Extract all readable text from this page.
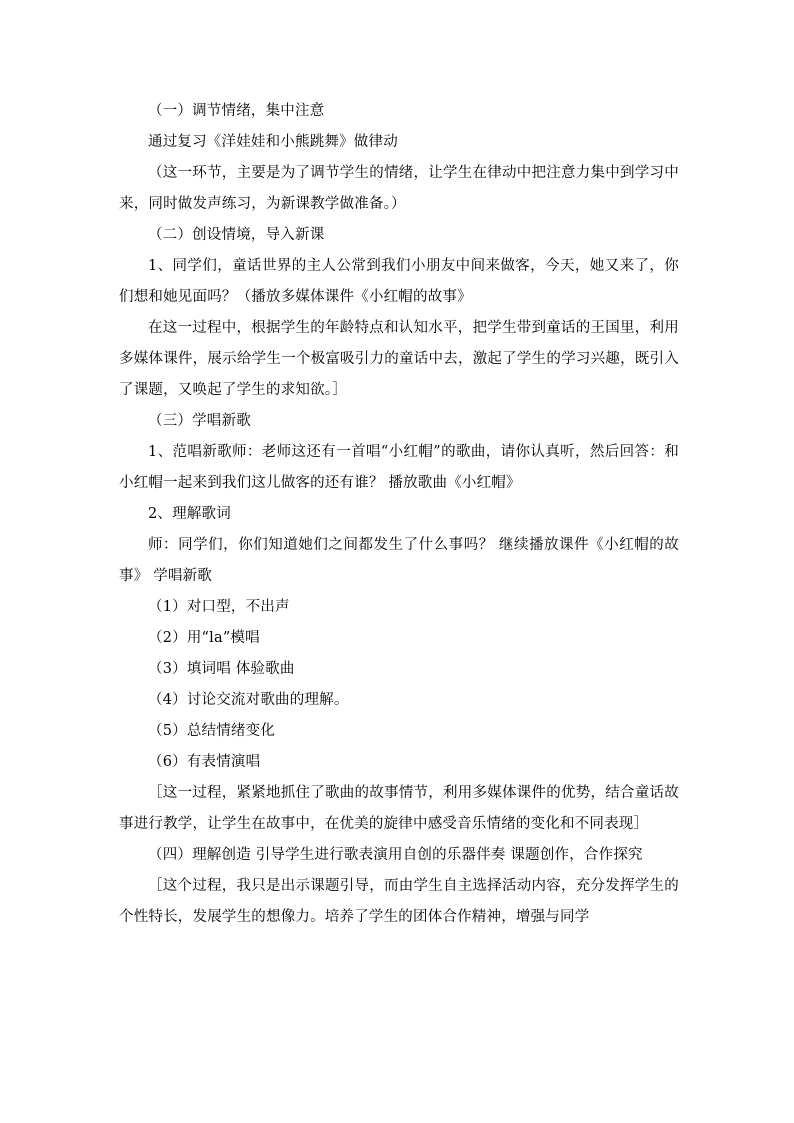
（一）调节情绪，集中注意

通过复习《洋娃娃和小熊跳舞》做律动

（这一环节，主要是为了调节学生的情绪，让学生在律动中把注意力集中到学习中来，同时做发声练习，为新课教学做准备。）

（二）创设情境，导入新课

1、同学们，童话世界的主人公常到我们小朋友中间来做客，今天，她又来了，你们想和她见面吗？（播放多媒体课件《小红帽的故事》

在这一过程中，根据学生的年龄特点和认知水平，把学生带到童话的王国里，利用多媒体课件，展示给学生一个极富吸引力的童话中去，激起了学生的学习兴趣，既引入了课题，又唤起了学生的求知欲。］

（三）学唱新歌

1、范唱新歌师：老师这还有一首唱“小红帽”的歌曲，请你认真听，然后回答：和小红帽一起来到我们这儿做客的还有谁？ 播放歌曲《小红帽》

2、理解歌词

师：同学们，你们知道她们之间都发生了什么事吗？ 继续播放课件《小红帽的故事》 学唱新歌

（1）对口型，不出声

（2）用“la”模唱

（3）填词唱 体验歌曲

（4）讨论交流对歌曲的理解。

（5）总结情绪变化

（6）有表情演唱

［这一过程，紧紧地抓住了歌曲的故事情节，利用多媒体课件的优势，结合童话故事进行教学，让学生在故事中，在优美的旋律中感受音乐情绪的变化和不同表现］

（四）理解创造 引导学生进行歌表演用自创的乐器伴奏 课题创作，合作探究

［这个过程，我只是出示课题引导，而由学生自主选择活动内容，充分发挥学生的个性特长，发展学生的想像力。培养了学生的团体合作精神，增强与同学
